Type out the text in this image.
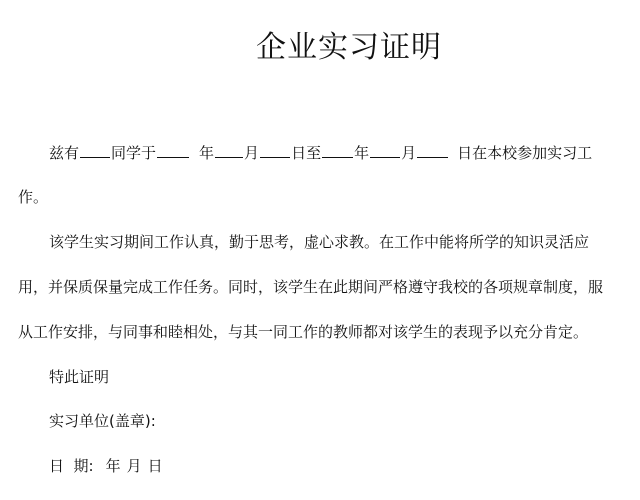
企业实习证明
兹有 同学于	年 月 日至 年 月	日在本校参加实习工
作。
该学生实习期间工作认真，勤于思考，虚心求教。在工作中能将所学的知识灵活应
用，并保质保量完成工作任务。同时，该学生在此期间严格遵守我校的各项规章制度，服
从工作安排，与同事和睦相处，与其一同工作的教师都对该学生的表现予以充分肯定。
特此证明
实习单位(盖章):
日  期: 年 月 日
